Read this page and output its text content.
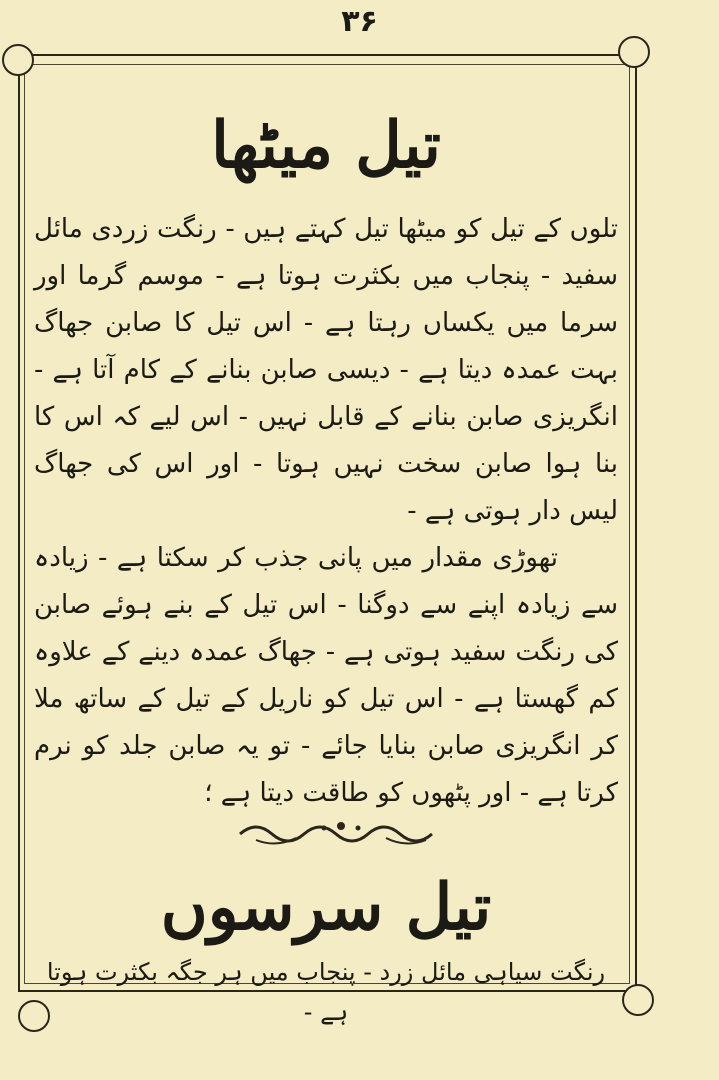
۳۶
تیل میٹھا

تلوں کے تیل کو میٹھا تیل کہتے ہیں - رنگت زردی مائل سفید - پنجاب میں بکثرت ہوتا ہے - موسم گرما اور سرما میں یکساں رہتا ہے - اس تیل کا صابن جھاگ بہت عمدہ دیتا ہے - دیسی صابن بنانے کے کام آتا ہے - انگریزی صابن بنانے کے قابل نہیں - اس لیے کہ اس کا بنا ہوا صابن سخت نہیں ہوتا - اور اس کی جھاگ لیس دار ہوتی ہے -

تھوڑی مقدار میں پانی جذب کر سکتا ہے - زیادہ سے زیادہ اپنے سے دوگنا - اس تیل کے بنے ہوئے صابن کی رنگت سفید ہوتی ہے - جھاگ عمدہ دینے کے علاوہ کم گھستا ہے - اس تیل کو ناریل کے تیل کے ساتھ ملا کر انگریزی صابن بنایا جائے - تو یہ صابن جلد کو نرم کرتا ہے - اور پٹھوں کو طاقت دیتا ہے ؛

تیل سرسوں
رنگت سیاہی مائل زرد - پنجاب میں ہر جگہ بکثرت ہوتا ہے -
